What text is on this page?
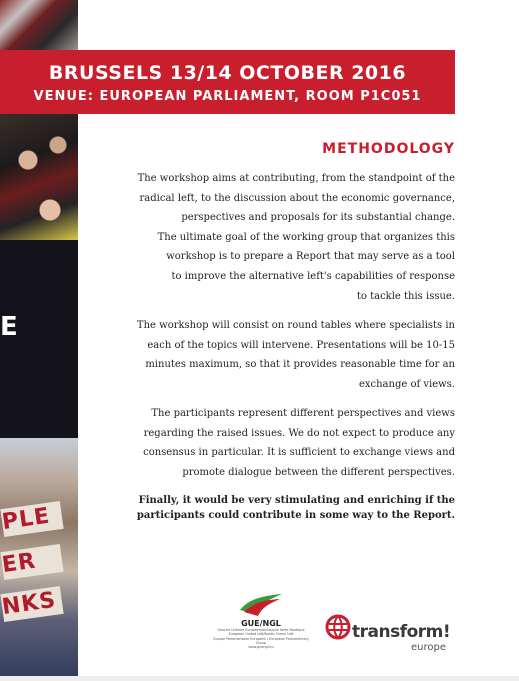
E
PLE
ER
NKS
BRUSSELS 13/14 OCTOBER 2016
VENUE: EUROPEAN PARLIAMENT, ROOM P1C051
METHODOLOGY
The workshop aims at contributing, from the standpoint of the
radical left, to the discussion about the economic governance,
perspectives and proposals for its substantial change.
The ultimate goal of the working group that organizes this
workshop is to prepare a Report that may serve as a tool
to improve the alternative left's capabilities of response
to tackle this issue.
The workshop will consist on round tables where specialists in
each of the topics will intervene. Presentations will be 10-15
minutes maximum, so that it provides reasonable time for an
exchange of views.
The participants represent different perspectives and views
regarding the raised issues. We do not expect to produce any
consensus in particular. It is sufficient to exchange views and
promote dialogue between the different perspectives.
Finally, it would be very stimulating and enriching if the
participants could contribute in some way to the Report.
GUE/NGL
Gauche Unitaire Européenne/Gauche Verte Nordique
European United Left/Nordic Green Left
Groupe Parlementaire Européen / European Parliamentary Group
www.guengl.eu
transform!
europe
